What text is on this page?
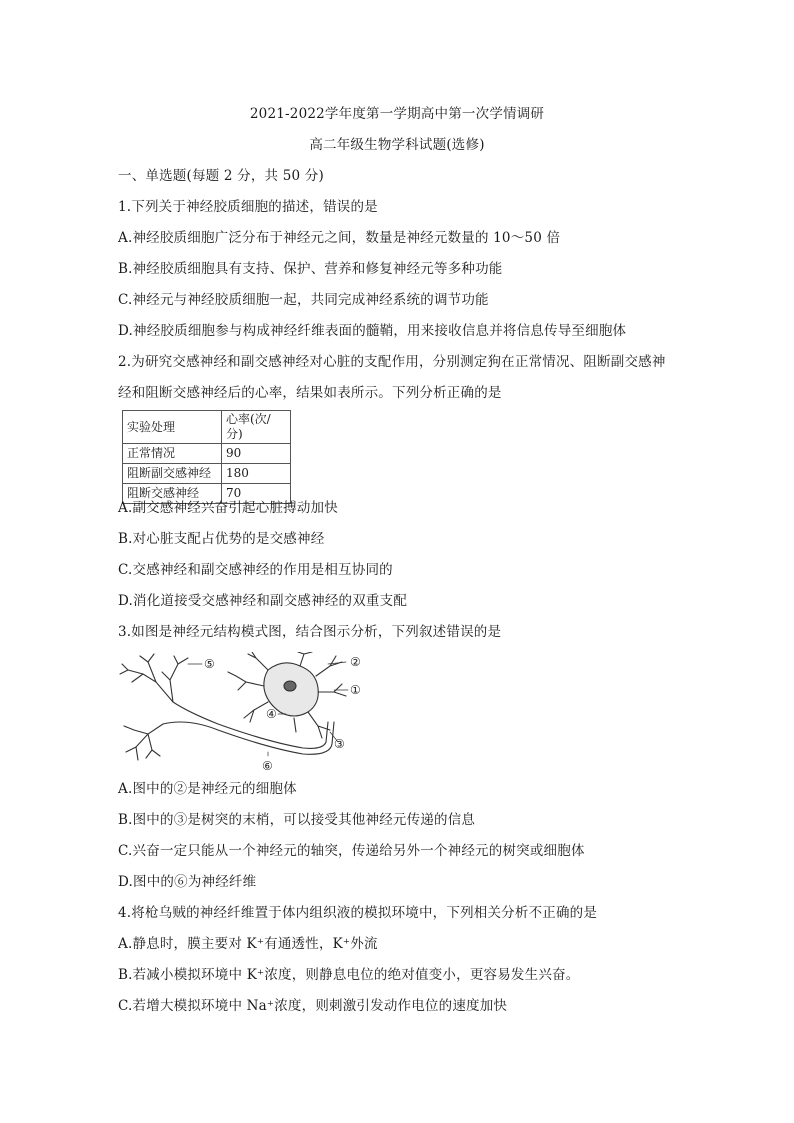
2021-2022学年度第一学期高中第一次学情调研
高二年级生物学科试题(选修)
一、单选题(每题 2 分，共 50 分)
1.下列关于神经胶质细胞的描述，错误的是
A.神经胶质细胞广泛分布于神经元之间，数量是神经元数量的 10～50 倍
B.神经胶质细胞具有支持、保护、营养和修复神经元等多种功能
C.神经元与神经胶质细胞一起，共同完成神经系统的调节功能
D.神经胶质细胞参与构成神经纤维表面的髓鞘，用来接收信息并将信息传导至细胞体
2.为研究交感神经和副交感神经对心脏的支配作用，分别测定狗在正常情况、阻断副交感神
经和阻断交感神经后的心率，结果如表所示。下列分析正确的是
实验处理	心率(次/分)
正常情况	90
阻断副交感神经	180
阻断交感神经	70
A.副交感神经兴奋引起心脏搏动加快
B.对心脏支配占优势的是交感神经
C.交感神经和副交感神经的作用是相互协同的
D.消化道接受交感神经和副交感神经的双重支配
3.如图是神经元结构模式图，结合图示分析，下列叙述错误的是
②
①
③
④
⑤
⑥
A.图中的②是神经元的细胞体
B.图中的③是树突的末梢，可以接受其他神经元传递的信息
C.兴奋一定只能从一个神经元的轴突，传递给另外一个神经元的树突或细胞体
D.图中的⑥为神经纤维
4.将枪乌贼的神经纤维置于体内组织液的模拟环境中，下列相关分析不正确的是
A.静息时，膜主要对 K⁺有通透性，K⁺外流
B.若减小模拟环境中 K⁺浓度，则静息电位的绝对值变小，更容易发生兴奋。
C.若增大模拟环境中 Na⁺浓度，则刺激引发动作电位的速度加快
